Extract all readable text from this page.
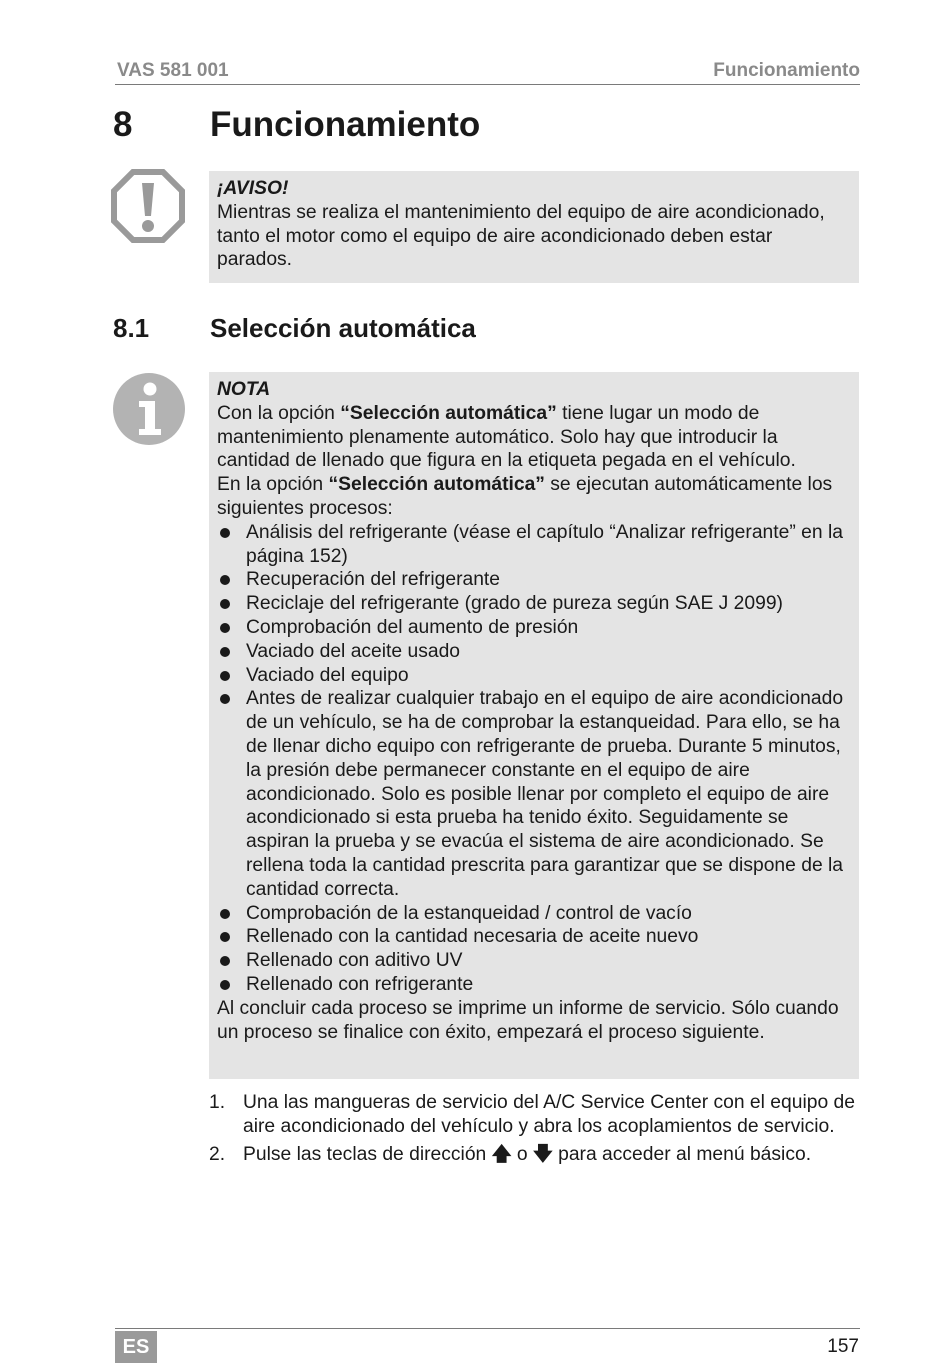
VAS 581 001	Funcionamiento
8 Funcionamiento
¡AVISO!
Mientras se realiza el mantenimiento del equipo de aire acondicionado, tanto el motor como el equipo de aire acondicionado deben estar parados.
8.1 Selección automática
NOTA
Con la opción “Selección automática” tiene lugar un modo de mantenimiento plenamente automático. Solo hay que introducir la cantidad de llenado que figura en la etiqueta pegada en el vehículo.
En la opción “Selección automática” se ejecutan automáticamente los siguientes procesos:
Análisis del refrigerante (véase el capítulo “Analizar refrigerante” en la página 152)
Recuperación del refrigerante
Reciclaje del refrigerante (grado de pureza según SAE J 2099)
Comprobación del aumento de presión
Vaciado del aceite usado
Vaciado del equipo
Antes de realizar cualquier trabajo en el equipo de aire acondicionado de un vehículo, se ha de comprobar la estanqueidad. Para ello, se ha de llenar dicho equipo con refrigerante de prueba. Durante 5 minutos, la presión debe permanecer constante en el equipo de aire acondicionado. Solo es posible llenar por completo el equipo de aire acondicionado si esta prueba ha tenido éxito. Seguidamente se aspiran la prueba y se evacúa el sistema de aire acondicionado. Se rellena toda la cantidad prescrita para garantizar que se dispone de la cantidad correcta.
Comprobación de la estanqueidad / control de vacío
Rellenado con la cantidad necesaria de aceite nuevo
Rellenado con aditivo UV
Rellenado con refrigerante
Al concluir cada proceso se imprime un informe de servicio. Sólo cuando un proceso se finalice con éxito, empezará el proceso siguiente.
1. Una las mangueras de servicio del A/C Service Center con el equipo de aire acondicionado del vehículo y abra los acoplamientos de servicio.
2. Pulse las teclas de dirección 🡅 o 🡇 para acceder al menú básico.
ES	157
